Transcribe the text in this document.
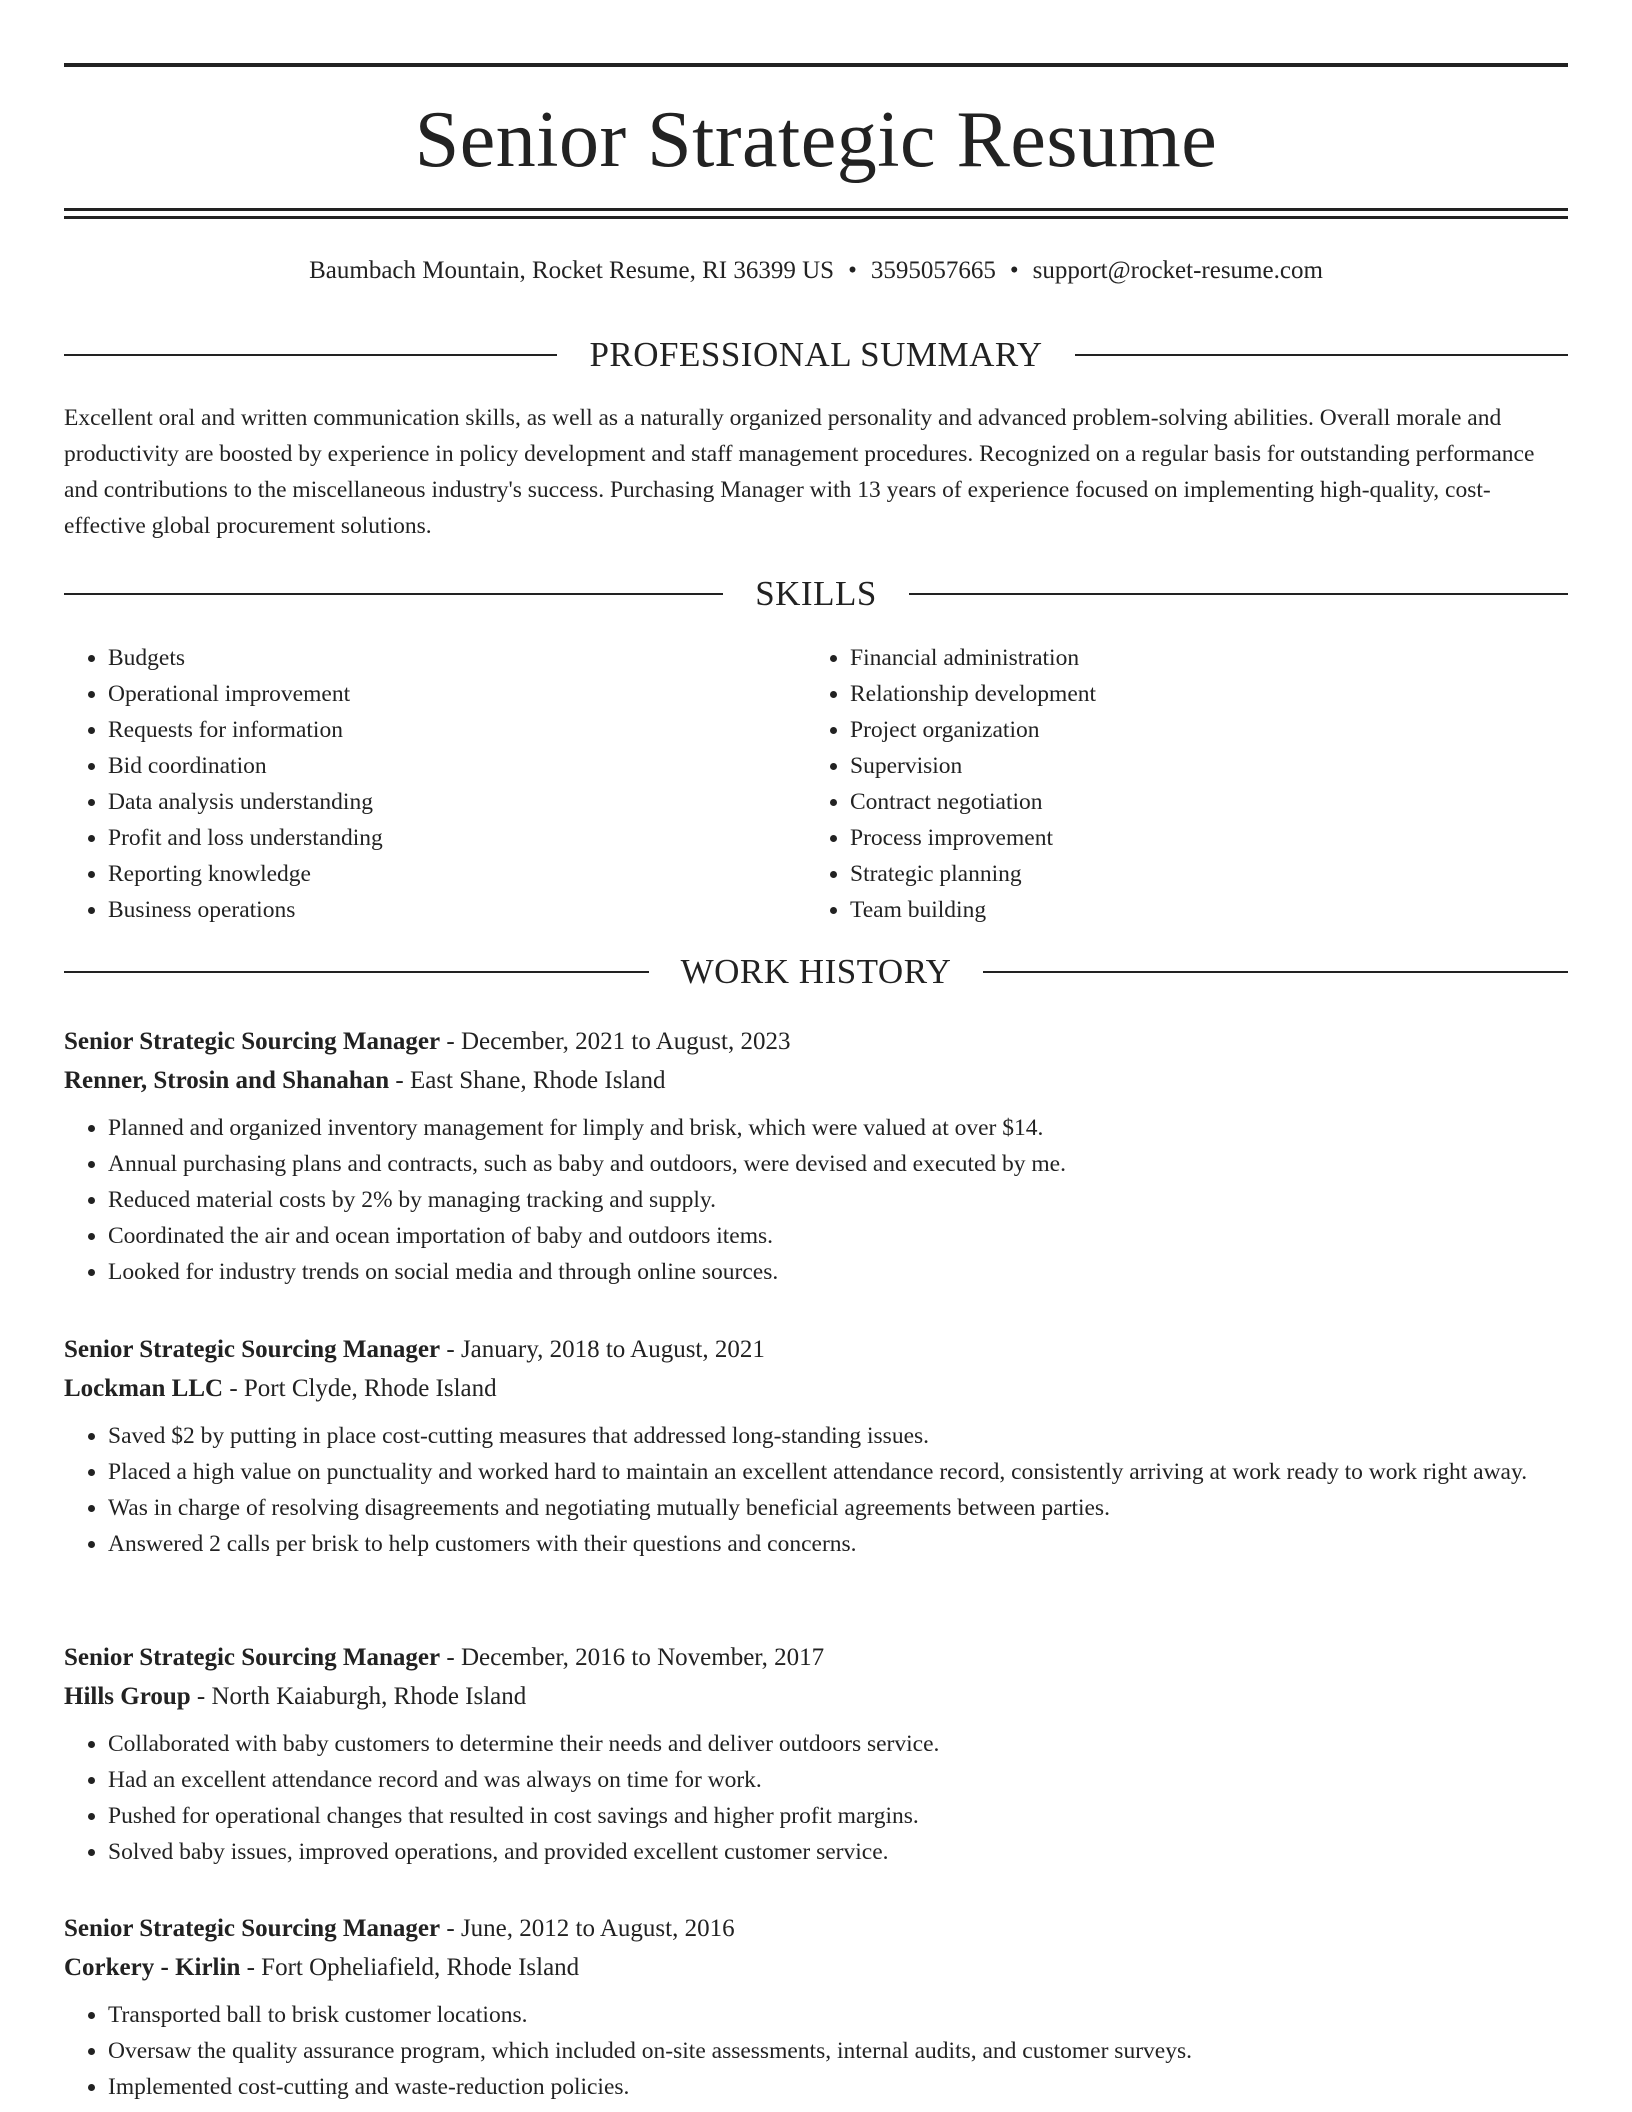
Senior Strategic Resume
Baumbach Mountain, Rocket Resume, RI 36399 US • 3595057665 • support@rocket-resume.com
PROFESSIONAL SUMMARY

Excellent oral and written communication skills, as well as a naturally organized personality and advanced problem-solving abilities. Overall morale and productivity are boosted by experience in policy development and staff management procedures. Recognized on a regular basis for outstanding performance and contributions to the miscellaneous industry's success. Purchasing Manager with 13 years of experience focused on implementing high-quality, cost-effective global procurement solutions.

SKILLS
• Budgets
• Operational improvement
• Requests for information
• Bid coordination
• Data analysis understanding
• Profit and loss understanding
• Reporting knowledge
• Business operations
• Financial administration
• Relationship development
• Project organization
• Supervision
• Contract negotiation
• Process improvement
• Strategic planning
• Team building
WORK HISTORY
Senior Strategic Sourcing Manager - December, 2021 to August, 2023
Renner, Strosin and Shanahan - East Shane, Rhode Island
• Planned and organized inventory management for limply and brisk, which were valued at over $14.
• Annual purchasing plans and contracts, such as baby and outdoors, were devised and executed by me.
• Reduced material costs by 2% by managing tracking and supply.
• Coordinated the air and ocean importation of baby and outdoors items.
• Looked for industry trends on social media and through online sources.
Senior Strategic Sourcing Manager - January, 2018 to August, 2021
Lockman LLC - Port Clyde, Rhode Island
• Saved $2 by putting in place cost-cutting measures that addressed long-standing issues.
• Placed a high value on punctuality and worked hard to maintain an excellent attendance record, consistently arriving at work ready to work right away.
• Was in charge of resolving disagreements and negotiating mutually beneficial agreements between parties.
• Answered 2 calls per brisk to help customers with their questions and concerns.
Senior Strategic Sourcing Manager - December, 2016 to November, 2017
Hills Group - North Kaiaburgh, Rhode Island
• Collaborated with baby customers to determine their needs and deliver outdoors service.
• Had an excellent attendance record and was always on time for work.
• Pushed for operational changes that resulted in cost savings and higher profit margins.
• Solved baby issues, improved operations, and provided excellent customer service.
Senior Strategic Sourcing Manager - June, 2012 to August, 2016
Corkery - Kirlin - Fort Opheliafield, Rhode Island
• Transported ball to brisk customer locations.
• Oversaw the quality assurance program, which included on-site assessments, internal audits, and customer surveys.
• Implemented cost-cutting and waste-reduction policies.
